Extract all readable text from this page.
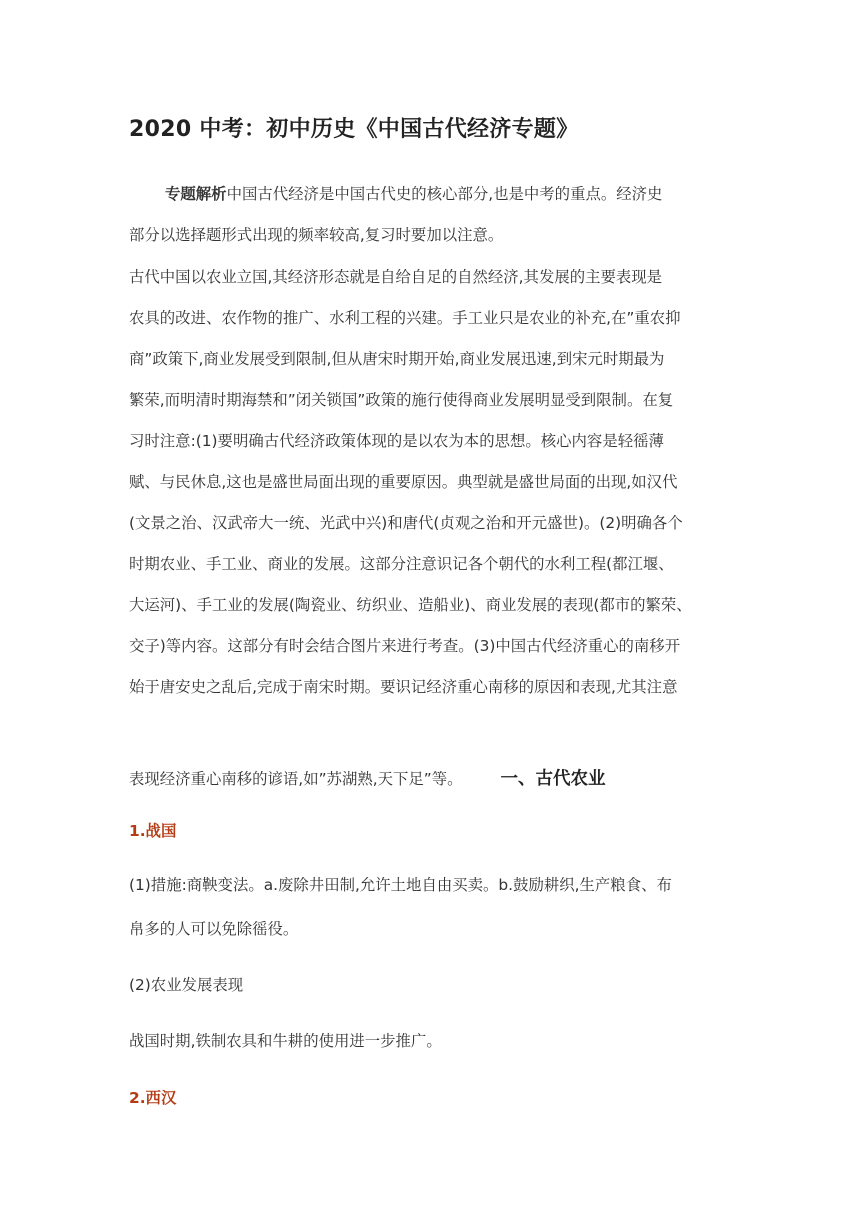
2020 中考：初中历史《中国古代经济专题》
专题解析中国古代经济是中国古代史的核心部分,也是中考的重点。经济史
部分以选择题形式出现的频率较高,复习时要加以注意。
古代中国以农业立国,其经济形态就是自给自足的自然经济,其发展的主要表现是
农具的改进、农作物的推广、水利工程的兴建。手工业只是农业的补充,在”重农抑
商”政策下,商业发展受到限制,但从唐宋时期开始,商业发展迅速,到宋元时期最为
繁荣,而明清时期海禁和”闭关锁国”政策的施行使得商业发展明显受到限制。在复
习时注意:(1)要明确古代经济政策体现的是以农为本的思想。核心内容是轻徭薄
赋、与民休息,这也是盛世局面出现的重要原因。典型就是盛世局面的出现,如汉代
(文景之治、汉武帝大一统、光武中兴)和唐代(贞观之治和开元盛世)。(2)明确各个
时期农业、手工业、商业的发展。这部分注意识记各个朝代的水利工程(都江堰、
大运河)、手工业的发展(陶瓷业、纺织业、造船业)、商业发展的表现(都市的繁荣、
交子)等内容。这部分有时会结合图片来进行考查。(3)中国古代经济重心的南移开
始于唐安史之乱后,完成于南宋时期。要识记经济重心南移的原因和表现,尤其注意
表现经济重心南移的谚语,如”苏湖熟,天下足”等。 一、古代农业
1.战国
(1)措施:商鞅变法。a.废除井田制,允许土地自由买卖。b.鼓励耕织,生产粮食、布
帛多的人可以免除徭役。
(2)农业发展表现
战国时期,铁制农具和牛耕的使用进一步推广。
2.西汉
